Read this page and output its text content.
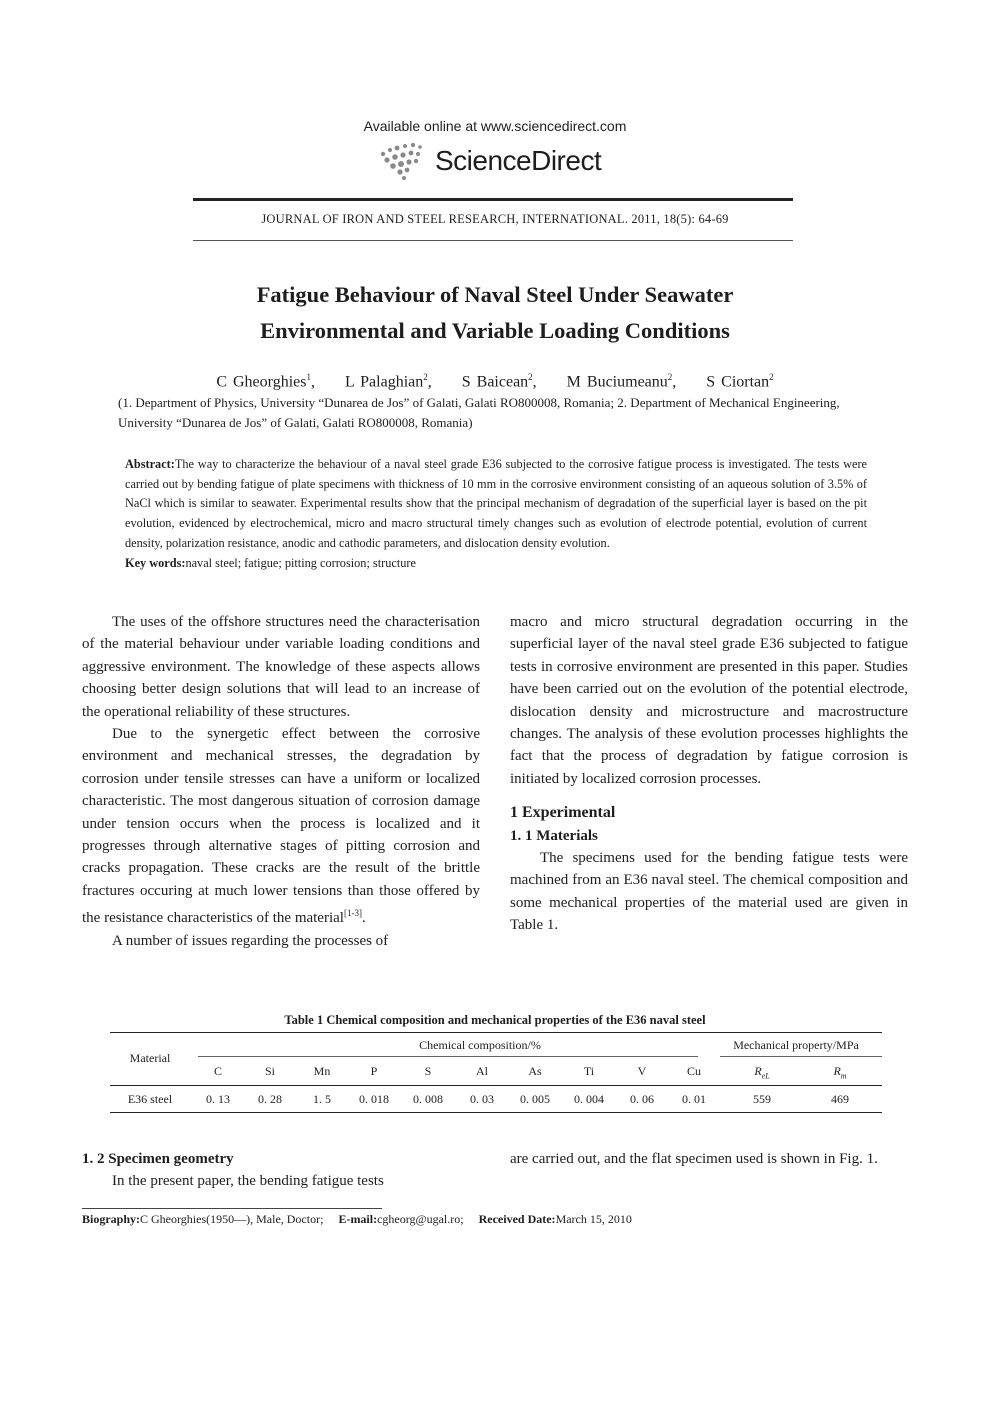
Available online at www.sciencedirect.com
ScienceDirect
JOURNAL OF IRON AND STEEL RESEARCH, INTERNATIONAL. 2011, 18(5): 64-69
Fatigue Behaviour of Naval Steel Under Seawater
Environmental and Variable Loading Conditions
C Gheorghies$^1$,     L Palaghian$^2$,     S Baicean$^2$,     M Buciumeanu$^2$,     S Ciortan$^2$
(1. Department of Physics, University “Dunarea de Jos” of Galati, Galati RO800008, Romania; 2. Department of Mechanical Engineering, University “Dunarea de Jos” of Galati, Galati RO800008, Romania)
Abstract:The way to characterize the behaviour of a naval steel grade E36 subjected to the corrosive fatigue process is investigated. The tests were carried out by bending fatigue of plate specimens with thickness of 10 mm in the corrosive environment consisting of an aqueous solution of 3.5% of NaCl which is similar to seawater. Experimental results show that the principal mechanism of degradation of the superficial layer is based on the pit evolution, evidenced by electrochemical, micro and macro structural timely changes such as evolution of electrode potential, evolution of current density, polarization resistance, anodic and cathodic parameters, and dislocation density evolution.
Key words:naval steel; fatigue; pitting corrosion; structure

The uses of the offshore structures need the characterisation of the material behaviour under variable loading conditions and aggressive environment. The knowledge of these aspects allows choosing better design solutions that will lead to an increase of the operational reliability of these structures.

Due to the synergetic effect between the corrosive environment and mechanical stresses, the degradation by corrosion under tensile stresses can have a uniform or localized characteristic. The most dangerous situation of corrosion damage under tension occurs when the process is localized and it progresses through alternative stages of pitting corrosion and cracks propagation. These cracks are the result of the brittle fractures occuring at much lower tensions than those offered by the resistance characteristics of the material[1-3].

A number of issues regarding the processes of

macro and micro structural degradation occurring in the superficial layer of the naval steel grade E36 subjected to fatigue tests in corrosive environment are presented in this paper. Studies have been carried out on the evolution of the potential electrode, dislocation density and microstructure and macrostructure changes. The analysis of these evolution processes highlights the fact that the process of degradation by fatigue corrosion is initiated by localized corrosion processes.

1 Experimental

1. 1 Materials

The specimens used for the bending fatigue tests were machined from an E36 naval steel. The chemical composition and some mechanical properties of the material used are given in Table 1.

Table 1 Chemical composition and mechanical properties of the E36 naval steel
Material
Chemical composition/%	Mechanical property/MPa
C	Si	Mn	P	S	Al	As	Ti	V	Cu	$R_{eL}$	$R_m$
E36 steel	0. 13	0. 28	1. 5	0. 018	0. 008	0. 03	0. 005	0. 004	0. 06	0. 01	559	469

1. 2 Specimen geometry

In the present paper, the bending fatigue tests

are carried out, and the flat specimen used is shown in Fig. 1.

Biography:C Gheorghies(1950—), Male, Doctor; E-mail:cgheorg@ugal.ro; Received Date:March 15, 2010
